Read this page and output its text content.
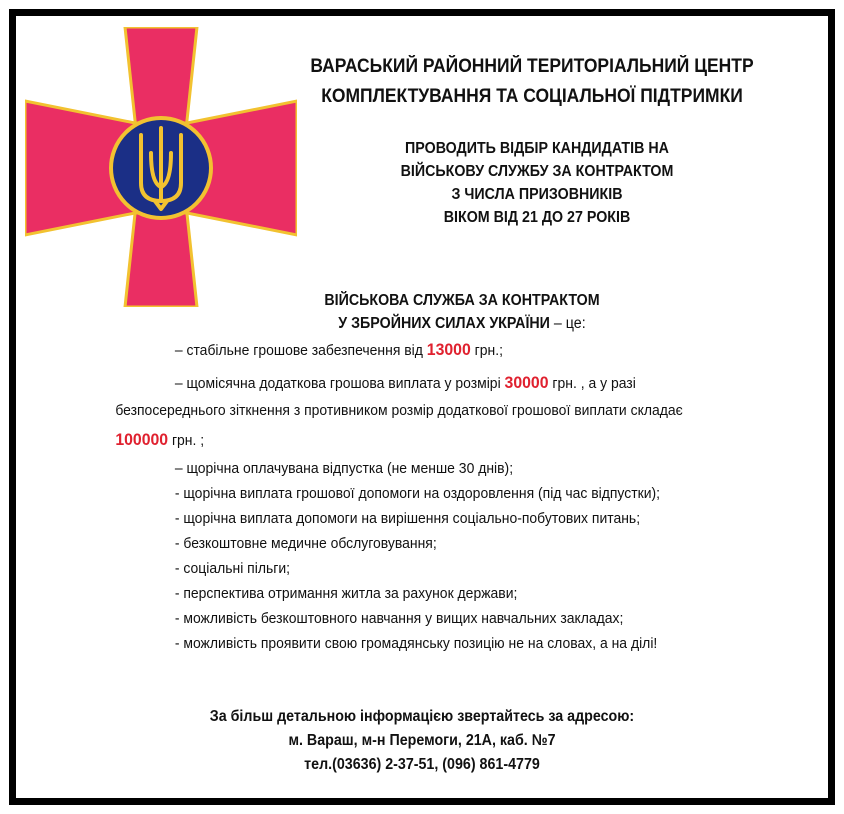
ВАРАСЬКИЙ РАЙОННИЙ ТЕРИТОРІАЛЬНИЙ ЦЕНТР
КОМПЛЕКТУВАННЯ ТА СОЦІАЛЬНОЇ ПІДТРИМКИ
ПРОВОДИТЬ ВІДБІР КАНДИДАТІВ НА
ВІЙСЬКОВУ СЛУЖБУ ЗА КОНТРАКТОМ
З ЧИСЛА ПРИЗОВНИКІВ
ВІКОМ ВІД 21 ДО 27 РОКІВ
ВІЙСЬКОВА СЛУЖБА ЗА КОНТРАКТОМ
У ЗБРОЙНИХ СИЛАХ УКРАЇНИ – це:
– стабільне грошове забезпечення від 13000 грн.;
– щомісячна додаткова грошова виплата у розмірі 30000 грн. , а у разі
безпосереднього зіткнення з противником розмір додаткової грошової виплати складає
100000 грн. ;
– щорічна оплачувана відпустка (не менше 30 днів);
- щорічна виплата грошової допомоги на оздоровлення (під час відпустки);
- щорічна виплата допомоги на вирішення соціально-побутових питань;
- безкоштовне медичне обслуговування;
- соціальні пільги;
- перспектива отримання житла за рахунок держави;
- можливість безкоштовного навчання у вищих навчальних закладах;
- можливість проявити свою громадянську позицію не на словах, а на ділі!
За більш детальною інформацією звертайтесь за адресою:
м. Вараш, м-н Перемоги, 21А, каб. №7
тел.(03636) 2-37-51, (096) 861-4779
